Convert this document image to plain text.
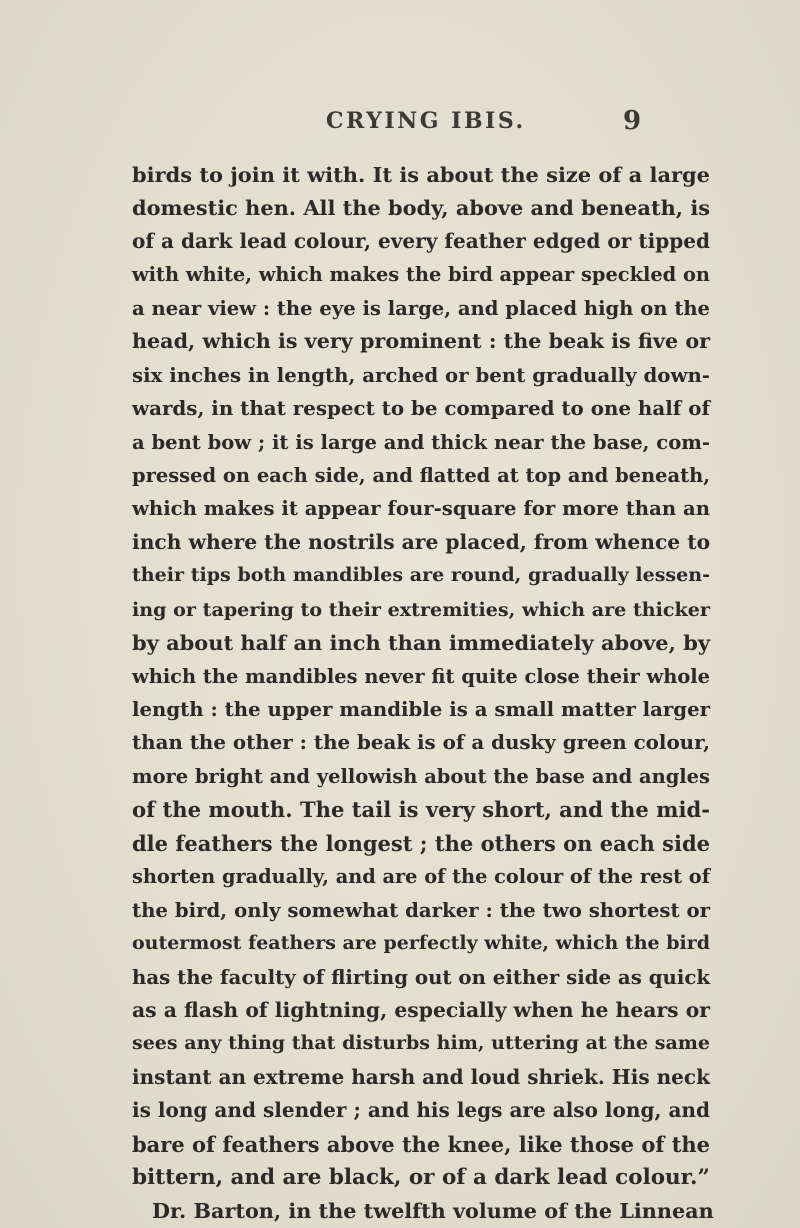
CRYING IBIS.	9
birds to join it with. It is about the size of a large
domestic hen. All the body, above and beneath, is
of a dark lead colour, every feather edged or tipped
with white, which makes the bird appear speckled on
a near view : the eye is large, and placed high on the
head, which is very prominent : the beak is five or
six inches in length, arched or bent gradually down-
wards, in that respect to be compared to one half of
a bent bow ; it is large and thick near the base, com-
pressed on each side, and flatted at top and beneath,
which makes it appear four-square for more than an
inch where the nostrils are placed, from whence to
their tips both mandibles are round, gradually lessen-
ing or tapering to their extremities, which are thicker
by about half an inch than immediately above, by
which the mandibles never fit quite close their whole
length : the upper mandible is a small matter larger
than the other : the beak is of a dusky green colour,
more bright and yellowish about the base and angles
of the mouth. The tail is very short, and the mid-
dle feathers the longest ; the others on each side
shorten gradually, and are of the colour of the rest of
the bird, only somewhat darker : the two shortest or
outermost feathers are perfectly white, which the bird
has the faculty of flirting out on either side as quick
as a flash of lightning, especially when he hears or
sees any thing that disturbs him, uttering at the same
instant an extreme harsh and loud shriek. His neck
is long and slender ; and his legs are also long, and
bare of feathers above the knee, like those of the
bittern, and are black, or of a dark lead colour.”
Dr. Barton, in the twelfth volume of the Linnean
